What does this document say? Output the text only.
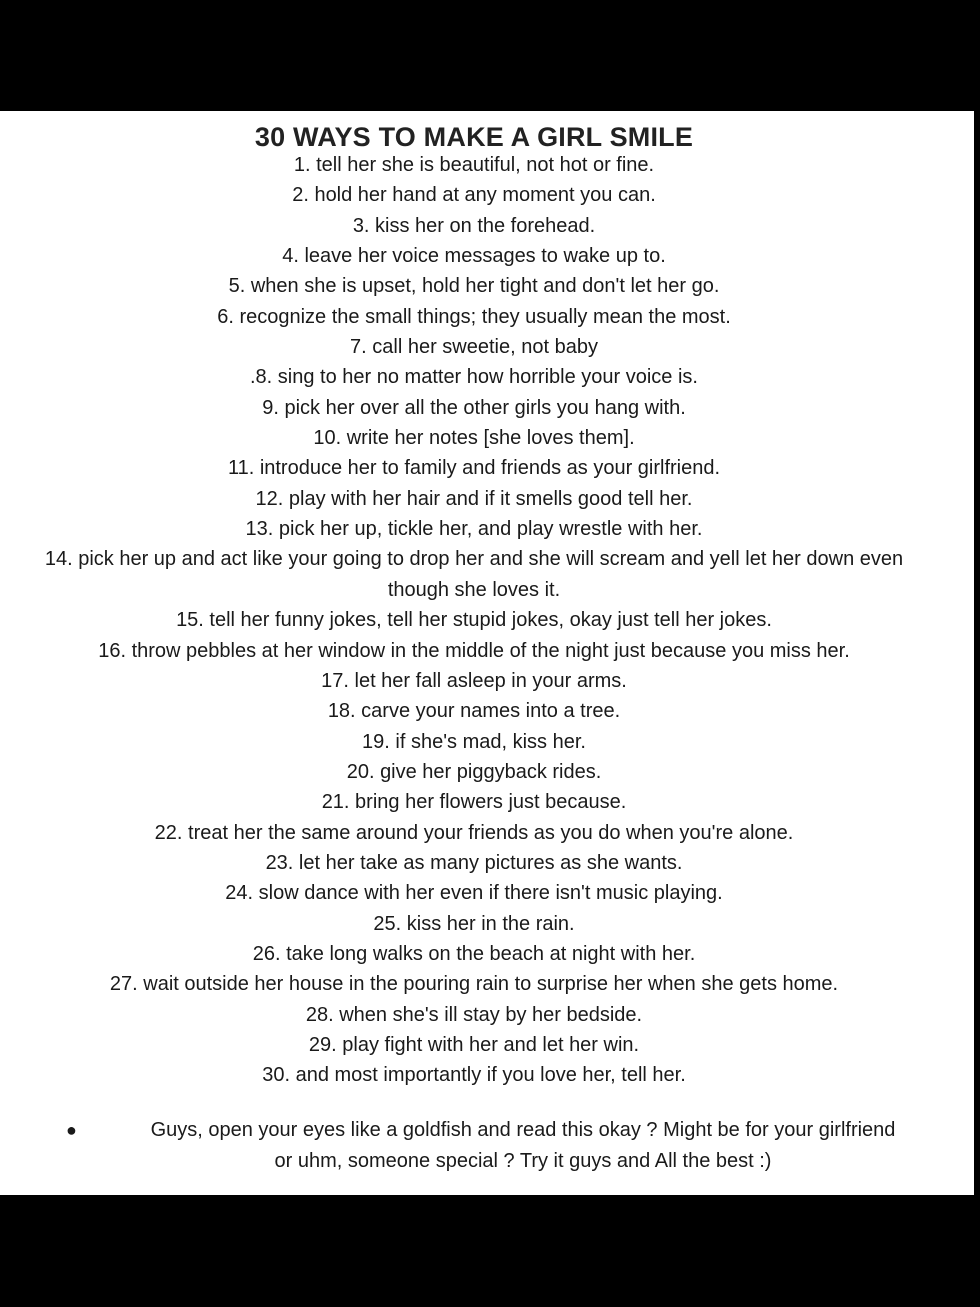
30 WAYS TO MAKE A GIRL SMILE
1. tell her she is beautiful, not hot or fine.
2. hold her hand at any moment you can.
3. kiss her on the forehead.
4. leave her voice messages to wake up to.
5. when she is upset, hold her tight and don't let her go.
6. recognize the small things; they usually mean the most.
7. call her sweetie, not baby
.8. sing to her no matter how horrible your voice is.
9. pick her over all the other girls you hang with.
10. write her notes [she loves them].
11. introduce her to family and friends as your girlfriend.
12. play with her hair and if it smells good tell her.
13. pick her up, tickle her, and play wrestle with her.
14. pick her up and act like your going to drop her and she will scream and yell let her down even though she loves it.
15. tell her funny jokes, tell her stupid jokes, okay just tell her jokes.
16. throw pebbles at her window in the middle of the night just because you miss her.
17. let her fall asleep in your arms.
18. carve your names into a tree.
19. if she's mad, kiss her.
20. give her piggyback rides.
21. bring her flowers just because.
22. treat her the same around your friends as you do when you're alone.
23. let her take as many pictures as she wants.
24. slow dance with her even if there isn't music playing.
25. kiss her in the rain.
26. take long walks on the beach at night with her.
27. wait outside her house in the pouring rain to surprise her when she gets home.
28. when she's ill stay by her bedside.
29. play fight with her and let her win.
30. and most importantly if you love her, tell her.
●	Guys, open your eyes like a goldfish and read this okay ? Might be for your girlfriend
or uhm, someone special ? Try it guys and All the best :)
